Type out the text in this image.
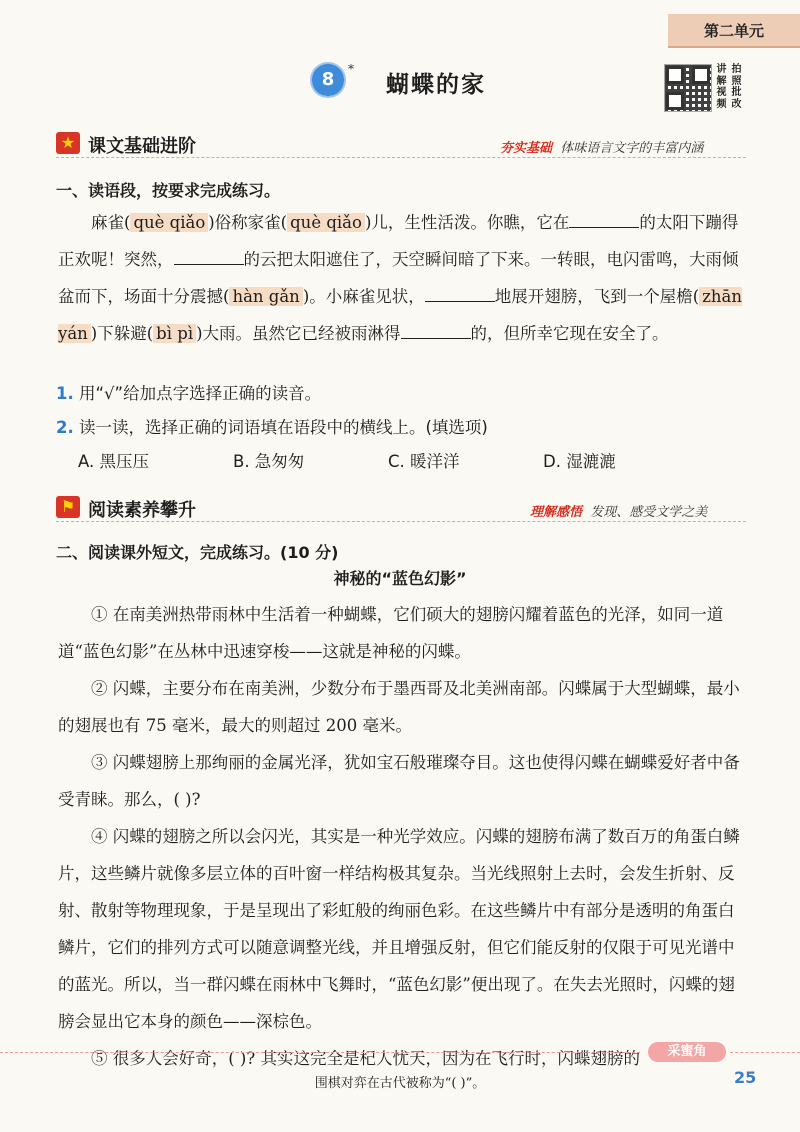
第二单元
8	*
蝴蝶的家
讲 拍
解 照
视 批
频 改
★ 课文基础进阶	夯实基础 体味语言文字的丰富内涵
一、读语段，按要求完成练习。

麻雀( què qiǎo )俗称家雀( què qiǎo )儿，生性活泼。你瞧，它在	的太阳下蹦得正欢呢！突然，	的云把太阳遮住了，天空瞬间暗了下来。一转眼，电闪雷鸣，大雨倾盆而下，场面十分震撼( hàn gǎn )。小麻雀见状，	地展开翅膀，飞到一个屋檐( zhān yán )下躲避( bì pì )大雨。虽然它已经被雨淋得	的，但所幸它现在安全了。

1. 用“√”给加点字选择正确的读音。
2. 读一读，选择正确的词语填在语段中的横线上。(填选项)
A. 黑压压	B. 急匆匆	C. 暖洋洋	D. 湿漉漉
⚑ 阅读素养攀升	理解感悟 发现、感受文学之美
二、阅读课外短文，完成练习。(10 分)
神秘的“蓝色幻影”

① 在南美洲热带雨林中生活着一种蝴蝶，它们硕大的翅膀闪耀着蓝色的光泽，如同一道道“蓝色幻影”在丛林中迅速穿梭——这就是神秘的闪蝶。

② 闪蝶，主要分布在南美洲，少数分布于墨西哥及北美洲南部。闪蝶属于大型蝴蝶，最小的翅展也有 75 毫米，最大的则超过 200 毫米。

③ 闪蝶翅膀上那绚丽的金属光泽，犹如宝石般璀璨夺目。这也使得闪蝶在蝴蝶爱好者中备受青睐。那么，( )?

④ 闪蝶的翅膀之所以会闪光，其实是一种光学效应。闪蝶的翅膀布满了数百万的角蛋白鳞片，这些鳞片就像多层立体的百叶窗一样结构极其复杂。当光线照射上去时，会发生折射、反射、散射等物理现象，于是呈现出了彩虹般的绚丽色彩。在这些鳞片中有部分是透明的角蛋白鳞片，它们的排列方式可以随意调整光线，并且增强反射，但它们能反射的仅限于可见光谱中的蓝光。所以，当一群闪蝶在雨林中飞舞时，“蓝色幻影”便出现了。在失去光照时，闪蝶的翅膀会显出它本身的颜色——深棕色。

⑤ 很多人会好奇，( )? 其实这完全是杞人忧天，因为在飞行时，闪蝶翅膀的	采蜜角
围棋对弈在古代被称为“( )”。	25
